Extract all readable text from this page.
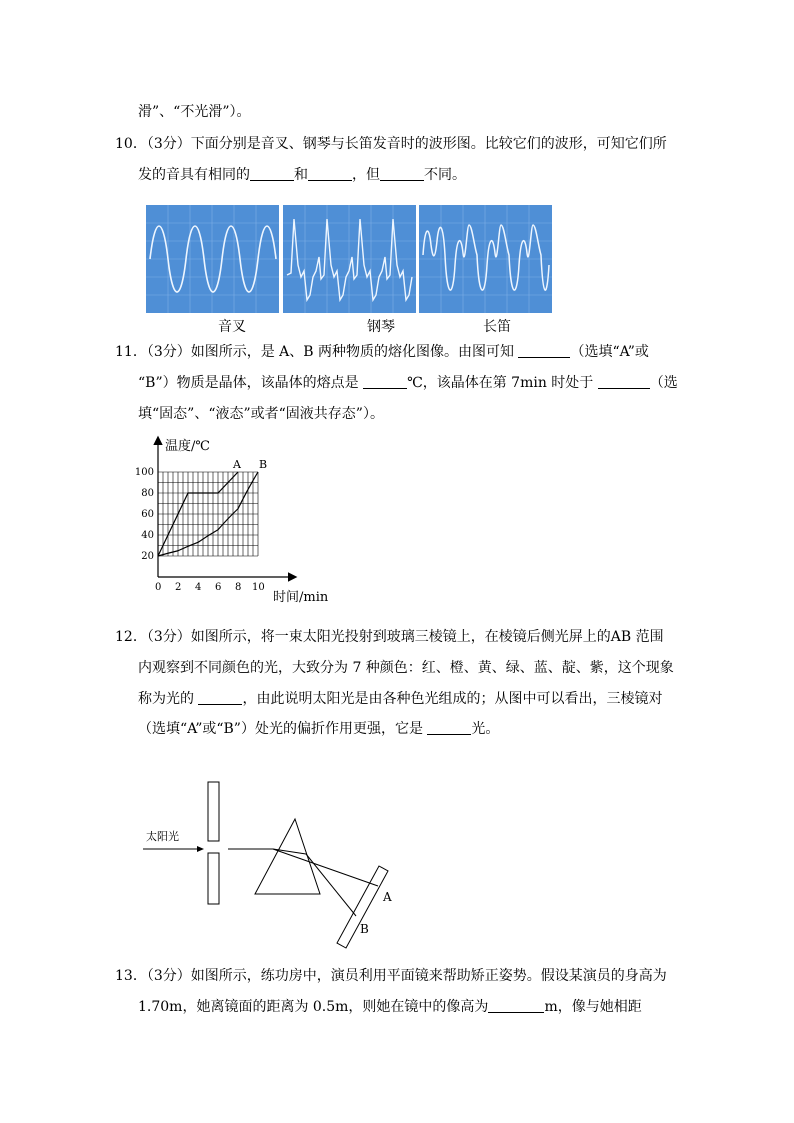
滑”、“不光滑”）。
10．（3分）下面分别是音叉、钢琴与长笛发音时的波形图。比较它们的波形，可知它们所
发的音具有相同的	和	，但	不同。
音叉	钢琴	长笛
11．（3分）如图所示，是 A、B 两种物质的熔化图像。由图可知	（选填“A”或
“B”）物质是晶体，该晶体的熔点是	℃，该晶体在第 7min 时处于	（选
填“固态”、“液态”或者“固液共存态”）。
温度/℃
时间/min
0 2 4 6 8 10
20
40
60
80
100
A B
12．（3分）如图所示，将一束太阳光投射到玻璃三棱镜上，在棱镜后侧光屏上的AB 范围
内观察到不同颜色的光，大致分为 7 种颜色：红、橙、黄、绿、蓝、靛、紫，这个现象
称为光的	，由此说明太阳光是由各种色光组成的；从图中可以看出，三棱镜对
（选填“A”或“B”）处光的偏折作用更强，它是	光。
太阳光
A
B
13．（3分）如图所示，练功房中，演员利用平面镜来帮助矫正姿势。假设某演员的身高为
1.70m，她离镜面的距离为 0.5m，则她在镜中的像高为	m，像与她相距
